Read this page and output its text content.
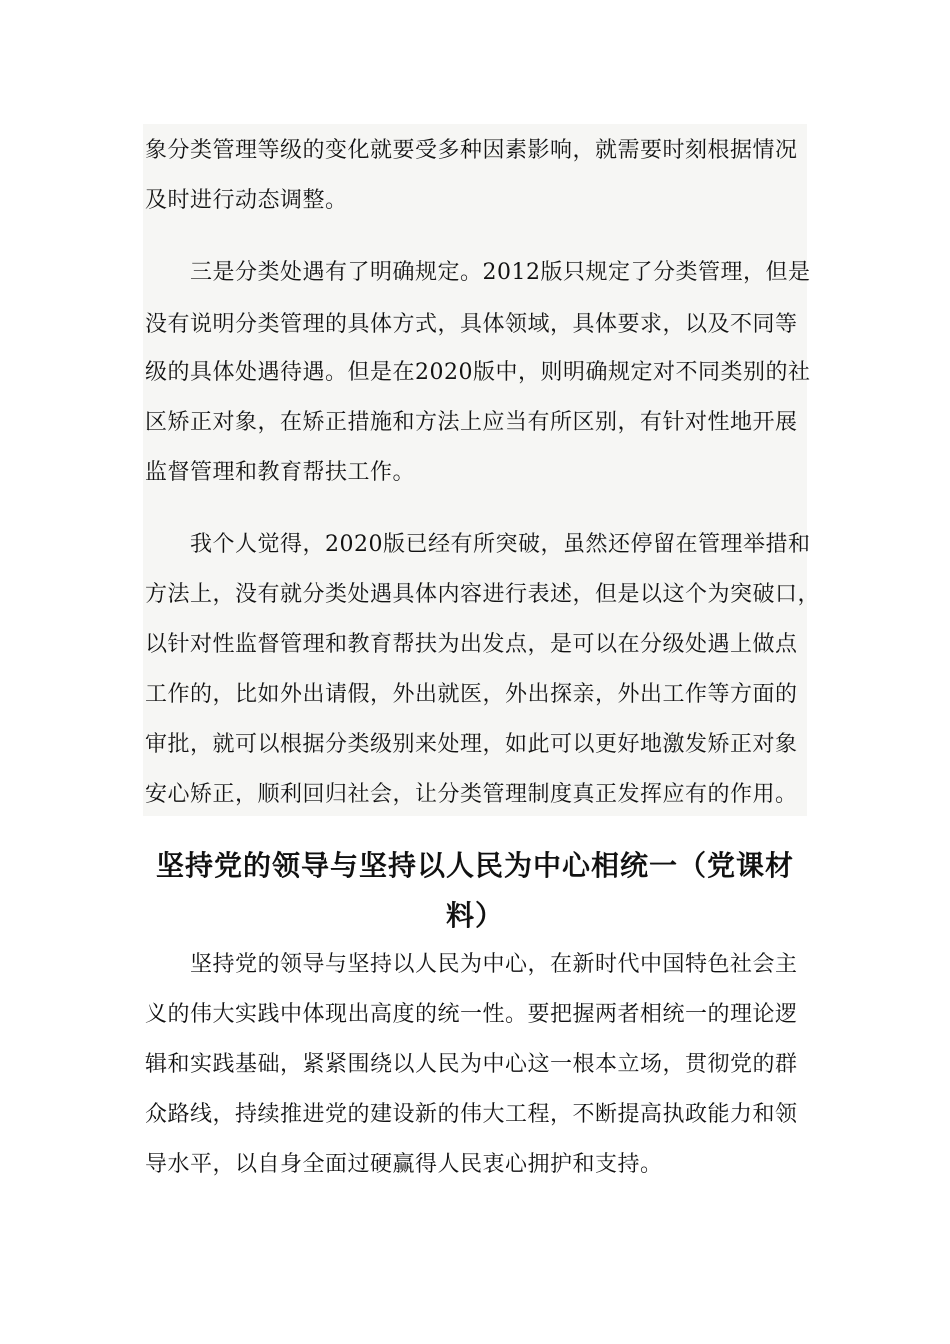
象分类管理等级的变化就要受多种因素影响，就需要时刻根据情况
及时进行动态调整。
三是分类处遇有了明确规定。2012版只规定了分类管理，但是
没有说明分类管理的具体方式，具体领域，具体要求，以及不同等
级的具体处遇待遇。但是在2020版中，则明确规定对不同类别的社
区矫正对象，在矫正措施和方法上应当有所区别，有针对性地开展
监督管理和教育帮扶工作。
我个人觉得，2020版已经有所突破，虽然还停留在管理举措和
方法上，没有就分类处遇具体内容进行表述，但是以这个为突破口，
以针对性监督管理和教育帮扶为出发点，是可以在分级处遇上做点
工作的，比如外出请假，外出就医，外出探亲，外出工作等方面的
审批，就可以根据分类级别来处理，如此可以更好地激发矫正对象
安心矫正，顺利回归社会，让分类管理制度真正发挥应有的作用。
坚持党的领导与坚持以人民为中心相统一（党课材
料）
坚持党的领导与坚持以人民为中心，在新时代中国特色社会主
义的伟大实践中体现出高度的统一性。要把握两者相统一的理论逻
辑和实践基础，紧紧围绕以人民为中心这一根本立场，贯彻党的群
众路线，持续推进党的建设新的伟大工程，不断提高执政能力和领
导水平，以自身全面过硬赢得人民衷心拥护和支持。
